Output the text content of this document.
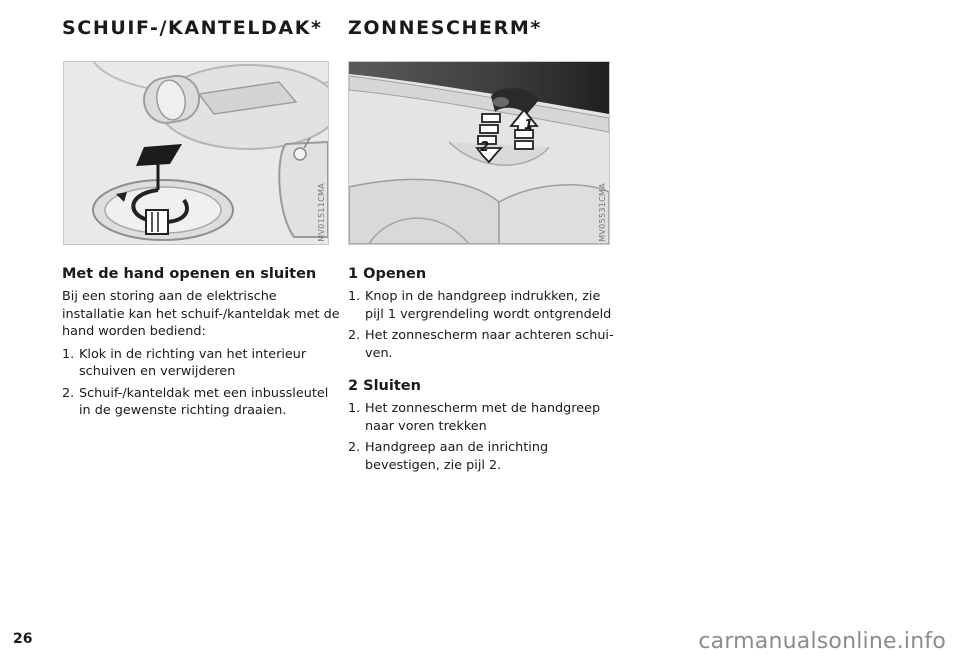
SCHUIF-/KANTELDAK* ZONNESCHERM*
MV01511CMA
1
2
MV05531CMA
Met de hand openen en sluiten
Bij een storing aan de elektrische installatie kan het schuif-/kanteldak met de hand worden bediend:
1. Klok in de richting van het interieur schuiven en verwijderen
2. Schuif-/kanteldak met een inbussleutel in de gewenste richting draaien.
1 Openen
1. Knop in de handgreep indrukken, zie pijl 1 vergrendeling wordt ontgrendeld
2. Het zonnescherm naar achteren schui-ven.
2 Sluiten
1. Het zonnescherm met de handgreep naar voren trekken
2. Handgreep aan de inrichting bevestigen, zie pijl 2.
26	carmanualsonline.info
